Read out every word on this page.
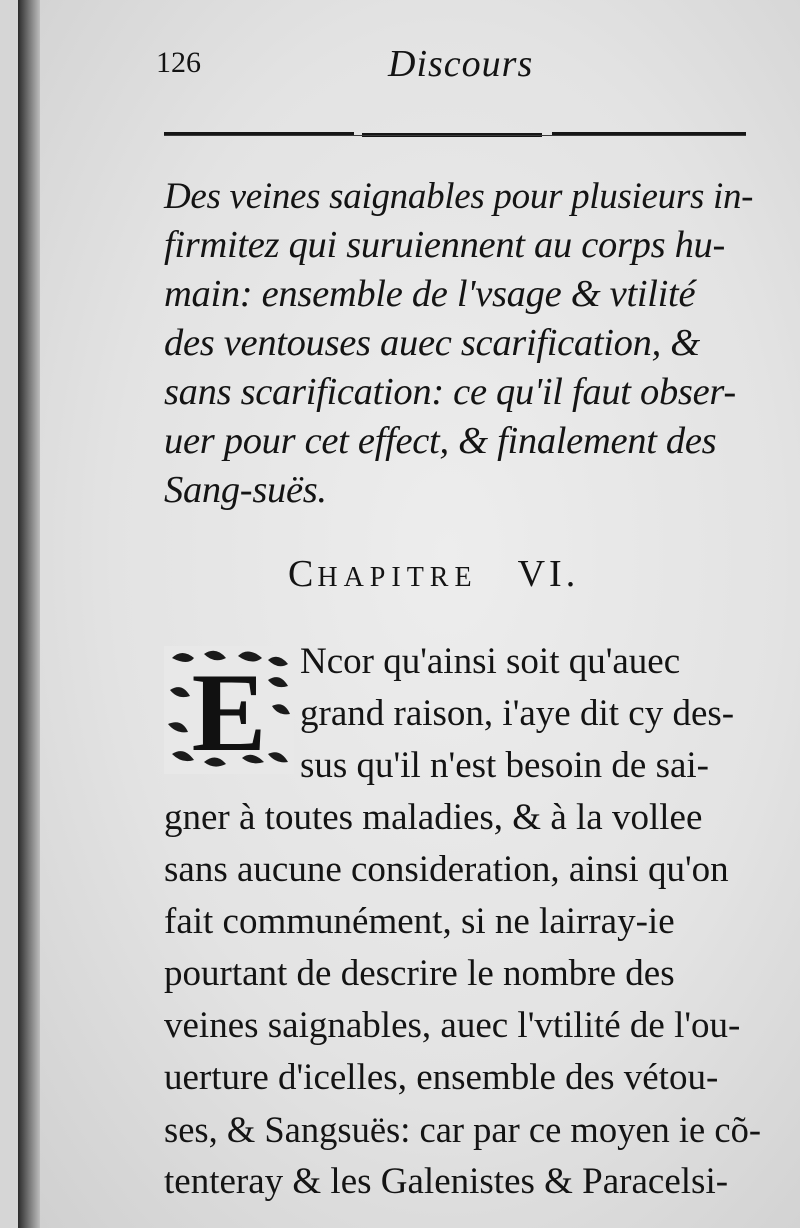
126	Discours
Des veines saignables pour plusieurs in-
firmitez qui suruiennent au corps hu-
main: ensemble de l'vsage & vtilité
des ventouses auec scarification, &
sans scarification: ce qu'il faut obser-
uer pour cet effect, & finalement des
Sang-suës.
CHAPITRE VI.
E Ncor qu'ainsi soit qu'auec
grand raison, i'aye dit cy des-
sus qu'il n'est besoin de sai-
gner à toutes maladies, & à la vollee
sans aucune consideration, ainsi qu'on
fait communément, si ne lairray-ie
pourtant de descrire le nombre des
veines saignables, auec l'vtilité de l'ou-
uerture d'icelles, ensemble des vétou-
ses, & Sangsuës: car par ce moyen ie cõ-
tenteray & les Galenistes & Paracelsi-
